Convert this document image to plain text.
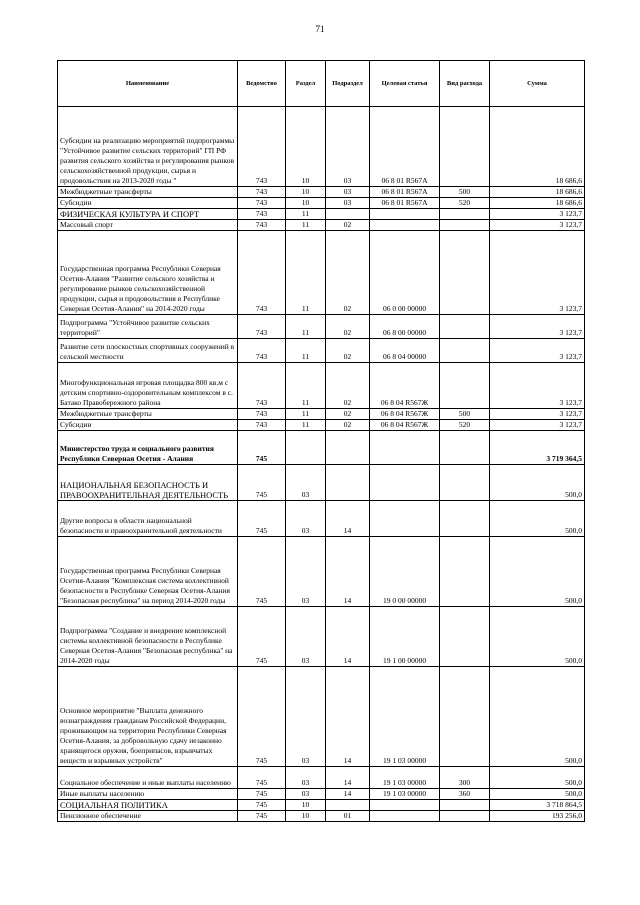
71
Наименование	Ведомство	Раздел	Подраздел	Целевая статья	Вид расхода	Сумма
Субсидии на реализацию мероприятий подпрограммы "Устойчивое развитие сельских территорий" ГП РФ развития сельского хозяйства и регулирования рынков сельскохозяйственной продукции, сырья и продовольствия на 2013-2020 годы "	743	10	03	06 8 01 R567А		18 686,6
Межбюджетные трансферты	743	10	03	06 8 01 R567А	500	18 686,6
Субсидии	743	10	03	06 8 01 R567А	520	18 686,6
ФИЗИЧЕСКАЯ КУЛЬТУРА И СПОРТ	743	11				3 123,7
Массовый спорт	743	11	02			3 123,7
Государственная программа Республики Северная Осетия-Алания "Развитие сельского хозяйства и регулирование рынков сельскохозяйственной продукции, сырья и продовольствия в Республике Северная Осетия-Алания" на 2014-2020 годы	743	11	02	06 0 00 00000		3 123,7
Подпрограмма "Устойчивое развитие сельских территорий"	743	11	02	06 8 00 00000		3 123,7
Развитие сети плоскостных спортивных сооружений в сельской местности	743	11	02	06 8 04 00000		3 123,7
Многофункциональная игровая площадка 800 кв.м с детским спортивно-оздоровительным комплексом в с. Батако Правобережного района	743	11	02	06 8 04 R567Ж		3 123,7
Межбюджетные трансферты	743	11	02	06 8 04 R567Ж	500	3 123,7
Субсидии	743	11	02	06 8 04 R567Ж	520	3 123,7
Министерство труда и социального развития Республики Северная Осетия - Алания	745					3 719 364,5
НАЦИОНАЛЬНАЯ БЕЗОПАСНОСТЬ И ПРАВООХРАНИТЕЛЬНАЯ ДЕЯТЕЛЬНОСТЬ	745	03				500,0
Другие вопросы в области национальной безопасности и правоохранительной деятельности	745	03	14			500,0
Государственная программа Республики Северная Осетия-Алания "Комплексная система коллективной безопасности в Республике Северная Осетия-Алания "Безопасная республика" на период 2014-2020 годы	745	03	14	19 0 00 00000		500,0
Подпрограмма "Создание и внедрение комплексной системы коллективной безопасности в Республике Северная Осетия-Алания "Безопасная республика" на 2014-2020 годы	745	03	14	19 1 00 00000		500,0
Основное мероприятие "Выплата денежного вознаграждения гражданам Российской Федерации, проживающим на территории Республики Северная Осетия-Алания, за добровольную сдачу незаконно хранящегося оружия, боеприпасов, взрывчатых веществ и взрывных устройств"	745	03	14	19 1 03 00000		500,0
Социальное обеспечение и иные выплаты населению	745	03	14	19 1 03 00000	300	500,0
Иные выплаты населению	745	03	14	19 1 03 00000	360	500,0
СОЦИАЛЬНАЯ ПОЛИТИКА	745	10				3 718 864,5
Пенсионное обеспечение	745	10	01			193 256,0
